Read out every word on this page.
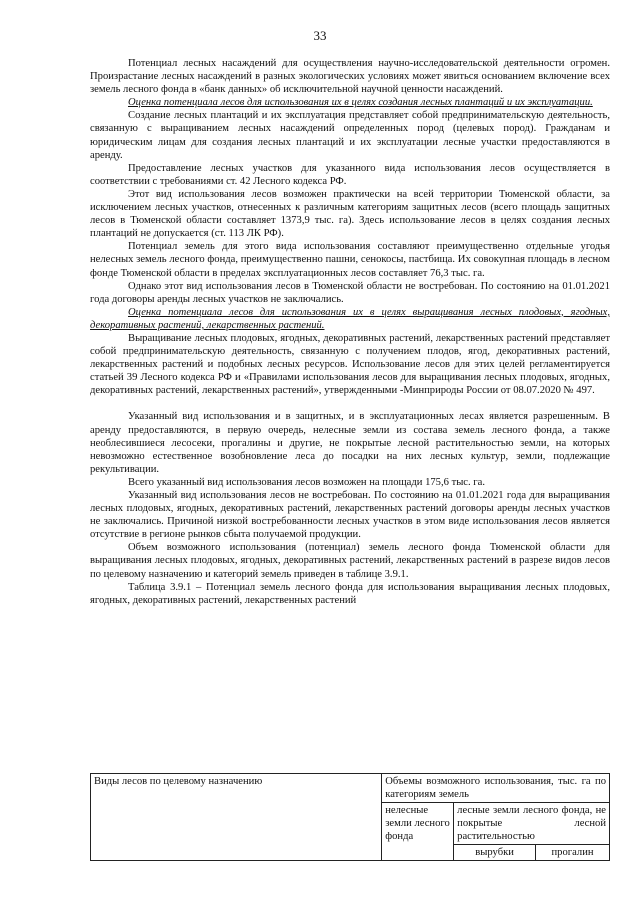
33

Потенциал лесных насаждений для осуществления научно-исследовательской деятельности огромен. Произрастание лесных насаждений в разных экологических условиях может явиться основанием включение всех земель лесного фонда в «банк данных» об исключительной научной ценности насаждений.

Оценка потенциала лесов для использования их в целях создания лесных плантаций и их эксплуатации.

Создание лесных плантаций и их эксплуатация представляет собой предпринимательскую деятельность, связанную с выращиванием лесных насаждений определенных пород (целевых пород). Гражданам и юридическим лицам для создания лесных плантаций и их эксплуатации лесные участки предоставляются в аренду.

Предоставление лесных участков для указанного вида использования лесов осуществляется в соответствии с требованиями ст. 42 Лесного кодекса РФ.

Этот вид использования лесов возможен практически на всей территории Тюменской области, за исключением лесных участков, отнесенных к различным категориям защитных лесов (всего площадь защитных лесов в Тюменской области составляет 1373,9 тыс. га). Здесь использование лесов в целях создания лесных плантаций не допускается (ст. 113 ЛК РФ).

Потенциал земель для этого вида использования составляют преимущественно отдельные угодья нелесных земель лесного фонда, преимущественно пашни, сенокосы, пастбища. Их совокупная площадь в лесном фонде Тюменской области в пределах эксплуатационных лесов составляет 76,3 тыс. га.

Однако этот вид использования лесов в Тюменской области не востребован. По состоянию на 01.01.2021 года договоры аренды лесных участков не заключались.

Оценка потенциала лесов для использования их в целях выращивания лесных плодовых, ягодных, декоративных растений, лекарственных растений.

Выращивание лесных плодовых, ягодных, декоративных растений, лекарственных растений представляет собой предпринимательскую деятельность, связанную с получением плодов, ягод, декоративных растений, лекарственных растений и подобных лесных ресурсов. Использование лесов для этих целей регламентируется статьей 39 Лесного кодекса РФ и «Правилами использования лесов для выращивания лесных плодовых, ягодных, декоративных растений, лекарственных растений», утвержденными -Минприроды России от 08.07.2020 № 497.

Указанный вид использования и в защитных, и в эксплуатационных лесах является разрешенным. В аренду предоставляются, в первую очередь, нелесные земли из состава земель лесного фонда, а также необлесившиеся лесосеки, прогалины и другие, не покрытые лесной растительностью земли, на которых невозможно естественное возобновление леса до посадки на них лесных культур, земли, подлежащие рекультивации.

Всего указанный вид использования лесов возможен на площади 175,6 тыс. га.

Указанный вид использования лесов не востребован. По состоянию на 01.01.2021 года для выращивания лесных плодовых, ягодных, декоративных растений, лекарственных растений договоры аренды лесных участков не заключались. Причиной низкой востребованности лесных участков в этом виде использования лесов является отсутствие в регионе рынков сбыта получаемой продукции.

Объем возможного использования (потенциал) земель лесного фонда Тюменской области для выращивания лесных плодовых, ягодных, декоративных растений, лекарственных растений в разрезе видов лесов по целевому назначению и категорий земель приведен в таблице 3.9.1.

Таблица 3.9.1 – Потенциал земель лесного фонда для использования выращивания лесных плодовых, ягодных, декоративных растений, лекарственных растений

Виды лесов по целевому назначению	Объемы возможного использования, тыс. га по категориям земель		
	нелесные земли лесного фонда	лесные земли лесного фонда, не покрытые лесной растительностью	
		вырубки	прогалин
